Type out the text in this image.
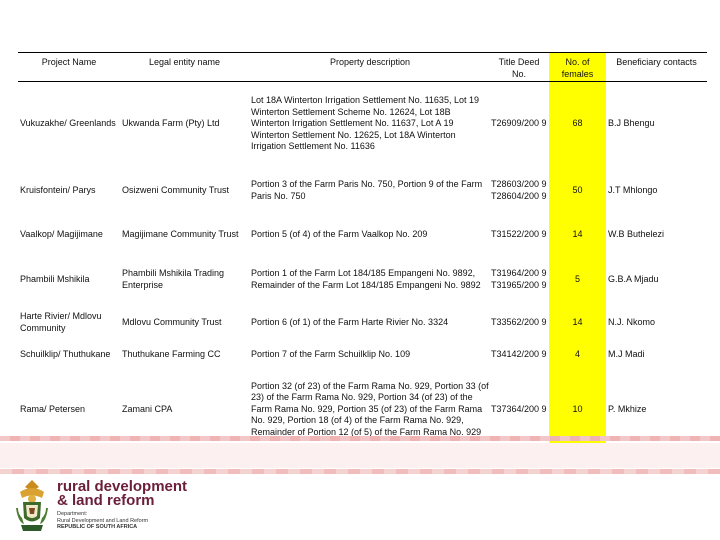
Project Name	Legal entity name	Property description	Title Deed No.	No. of females	Beneficiary contacts
Vukuzakhe/ Greenlands	Ukwanda Farm (Pty) Ltd	Lot 18A Winterton Irrigation Settlement No. 11635, Lot 19 Winterton Settlement Scheme No. 12624, Lot 18B Winterton Irrigation Settlement No. 11637, Lot A 19 Winterton Settlement No. 12625, Lot 18A Winterton Irrigation Settlement No. 11636	T26909/200 9	68	B.J Bhengu
Kruisfontein/ Parys	Osizweni Community Trust	Portion 3 of the Farm Paris No. 750, Portion 9 of the Farm Paris No. 750	T28603/200 9 T28604/200 9	50	J.T Mhlongo
Vaalkop/ Magijimane	Magijimane Community Trust	Portion 5 (of 4) of the Farm Vaalkop No. 209	T31522/200 9	14	W.B Buthelezi
Phambili Mshikila	Phambili Mshikila Trading Enterprise	Portion 1 of the Farm Lot 184/185 Empangeni No. 9892, Remainder of the Farm Lot 184/185 Empangeni No. 9892	T31964/200 9 T31965/200 9	5	G.B.A Mjadu
Harte Rivier/ Mdlovu Community	Mdlovu Community Trust	Portion 6 (of 1) of the Farm Harte Rivier No. 3324	T33562/200 9	14	N.J. Nkomo
Schuilklip/ Thuthukane	Thuthukane Farming CC	Portion 7 of the Farm Schuilklip No. 109	T34142/200 9	4	M.J Madi
Rama/ Petersen	Zamani CPA	Portion 32 (of 23) of the Farm Rama No. 929, Portion 33 (of 23) of the Farm Rama No. 929, Portion 34 (of 23) of the Farm Rama No. 929, Portion 35 (of 23) of the Farm Rama No. 929, Portion 18 (of 4) of the Farm Rama No. 929, Remainder of Portion 12 (of 5) of the Farm Rama No. 929	T37364/200 9	10	P. Mkhize
rural development
& land reform
Department:
Rural Development and Land Reform
REPUBLIC OF SOUTH AFRICA
